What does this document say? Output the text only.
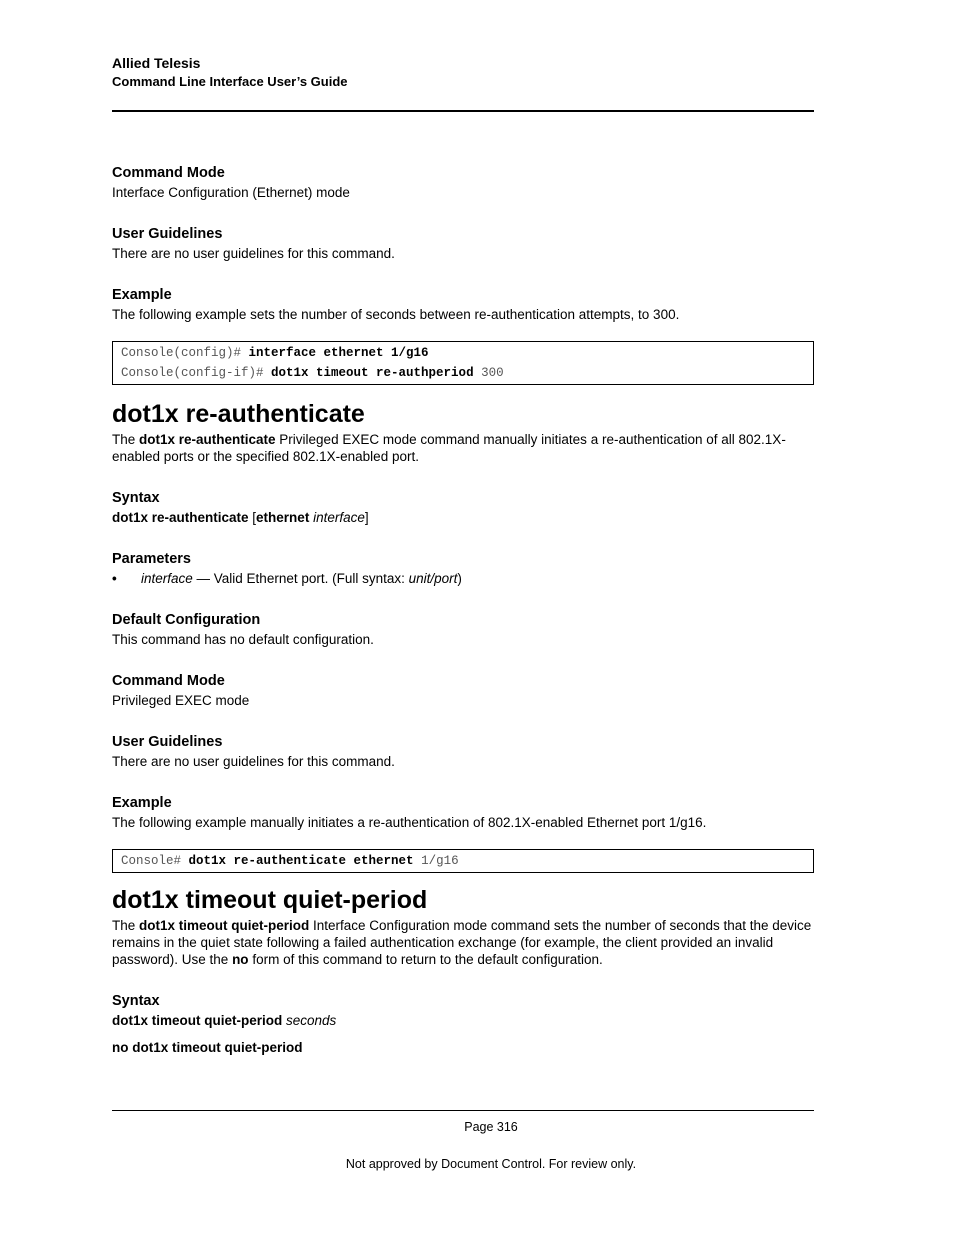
Allied Telesis
Command Line Interface User’s Guide

Command Mode

Interface Configuration (Ethernet) mode

User Guidelines

There are no user guidelines for this command.

Example

The following example sets the number of seconds between re-authentication attempts, to 300.

Console(config)# interface ethernet 1/g16
Console(config-if)# dot1x timeout re-authperiod 300
dot1x re-authenticate

The dot1x re-authenticate Privileged EXEC mode command manually initiates a re-authentication of all 802.1X-enabled ports or the specified 802.1X-enabled port.

Syntax

dot1x re-authenticate [ethernet interface]

Parameters

•	interface — Valid Ethernet port. (Full syntax: unit/port)

Default Configuration

This command has no default configuration.

Command Mode

Privileged EXEC mode

User Guidelines

There are no user guidelines for this command.

Example

The following example manually initiates a re-authentication of 802.1X-enabled Ethernet port 1/g16.

Console# dot1x re-authenticate ethernet 1/g16
dot1x timeout quiet-period

The dot1x timeout quiet-period Interface Configuration mode command sets the number of seconds that the device remains in the quiet state following a failed authentication exchange (for example, the client provided an invalid password). Use the no form of this command to return to the default configuration.

Syntax

dot1x timeout quiet-period seconds

no dot1x timeout quiet-period

Page 316
Not approved by Document Control. For review only.
